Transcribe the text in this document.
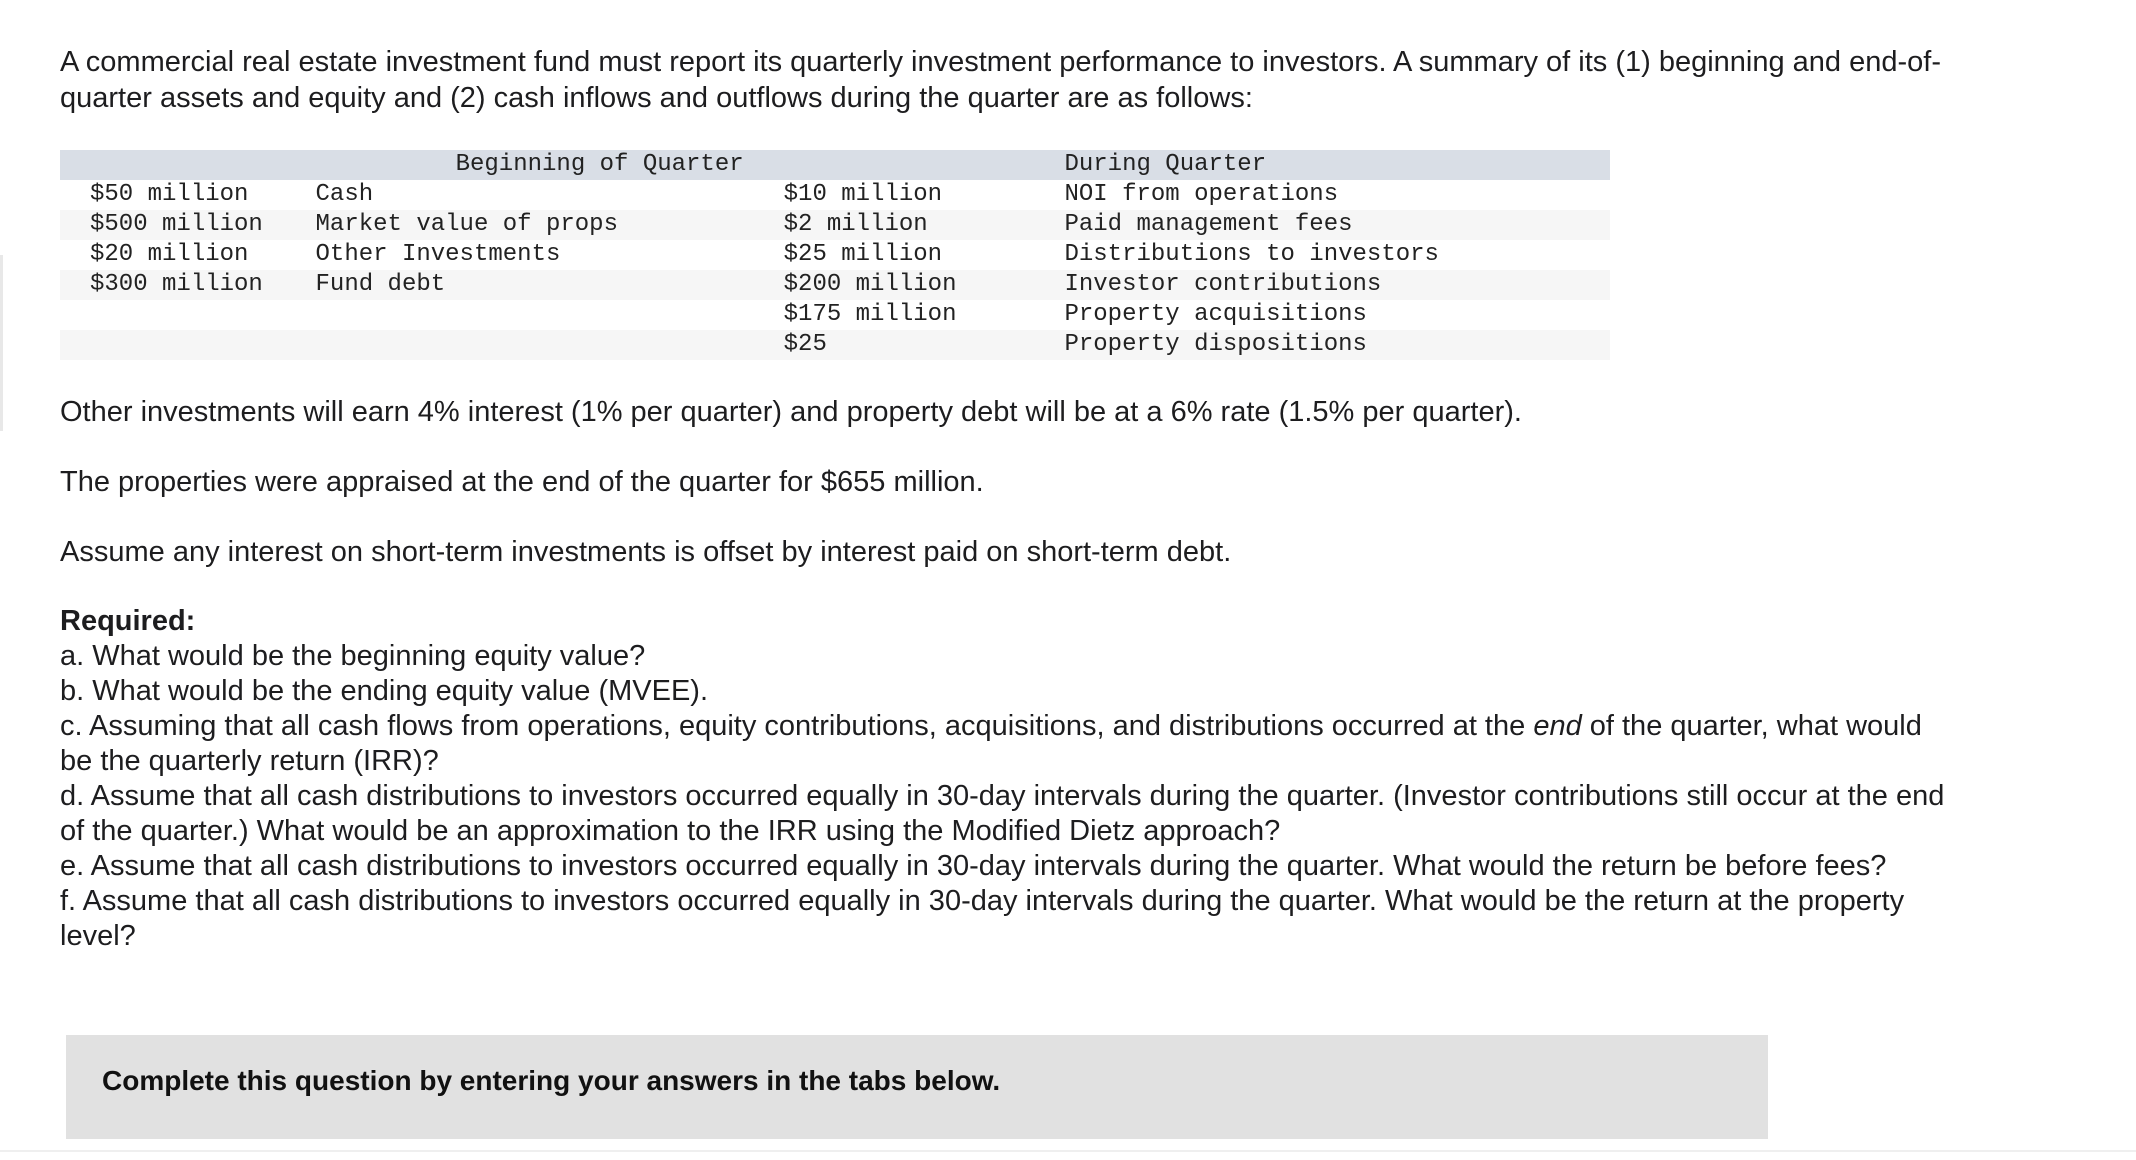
A commercial real estate investment fund must report its quarterly investment performance to investors. A summary of its (1) beginning and end-of-quarter assets and equity and (2) cash inflows and outflows during the quarter are as follows:

	Beginning of Quarter		During Quarter
$50 million	Cash	$10 million	NOI from operations
$500 million	Market value of props	$2 million	Paid management fees
$20 million	Other Investments	$25 million	Distributions to investors
$300 million	Fund debt	$200 million	Investor contributions
		$175 million	Property acquisitions
		$25	Property dispositions

Other investments will earn 4% interest (1% per quarter) and property debt will be at a 6% rate (1.5% per quarter).

The properties were appraised at the end of the quarter for $655 million.

Assume any interest on short-term investments is offset by interest paid on short-term debt.

Required:
a. What would be the beginning equity value?
b. What would be the ending equity value (MVEE).
c. Assuming that all cash flows from operations, equity contributions, acquisitions, and distributions occurred at the end of the quarter, what would be the quarterly return (IRR)?
d. Assume that all cash distributions to investors occurred equally in 30-day intervals during the quarter. (Investor contributions still occur at the end of the quarter.) What would be an approximation to the IRR using the Modified Dietz approach?
e. Assume that all cash distributions to investors occurred equally in 30-day intervals during the quarter. What would the return be before fees?
f. Assume that all cash distributions to investors occurred equally in 30-day intervals during the quarter. What would be the return at the property level?
Complete this question by entering your answers in the tabs below.
